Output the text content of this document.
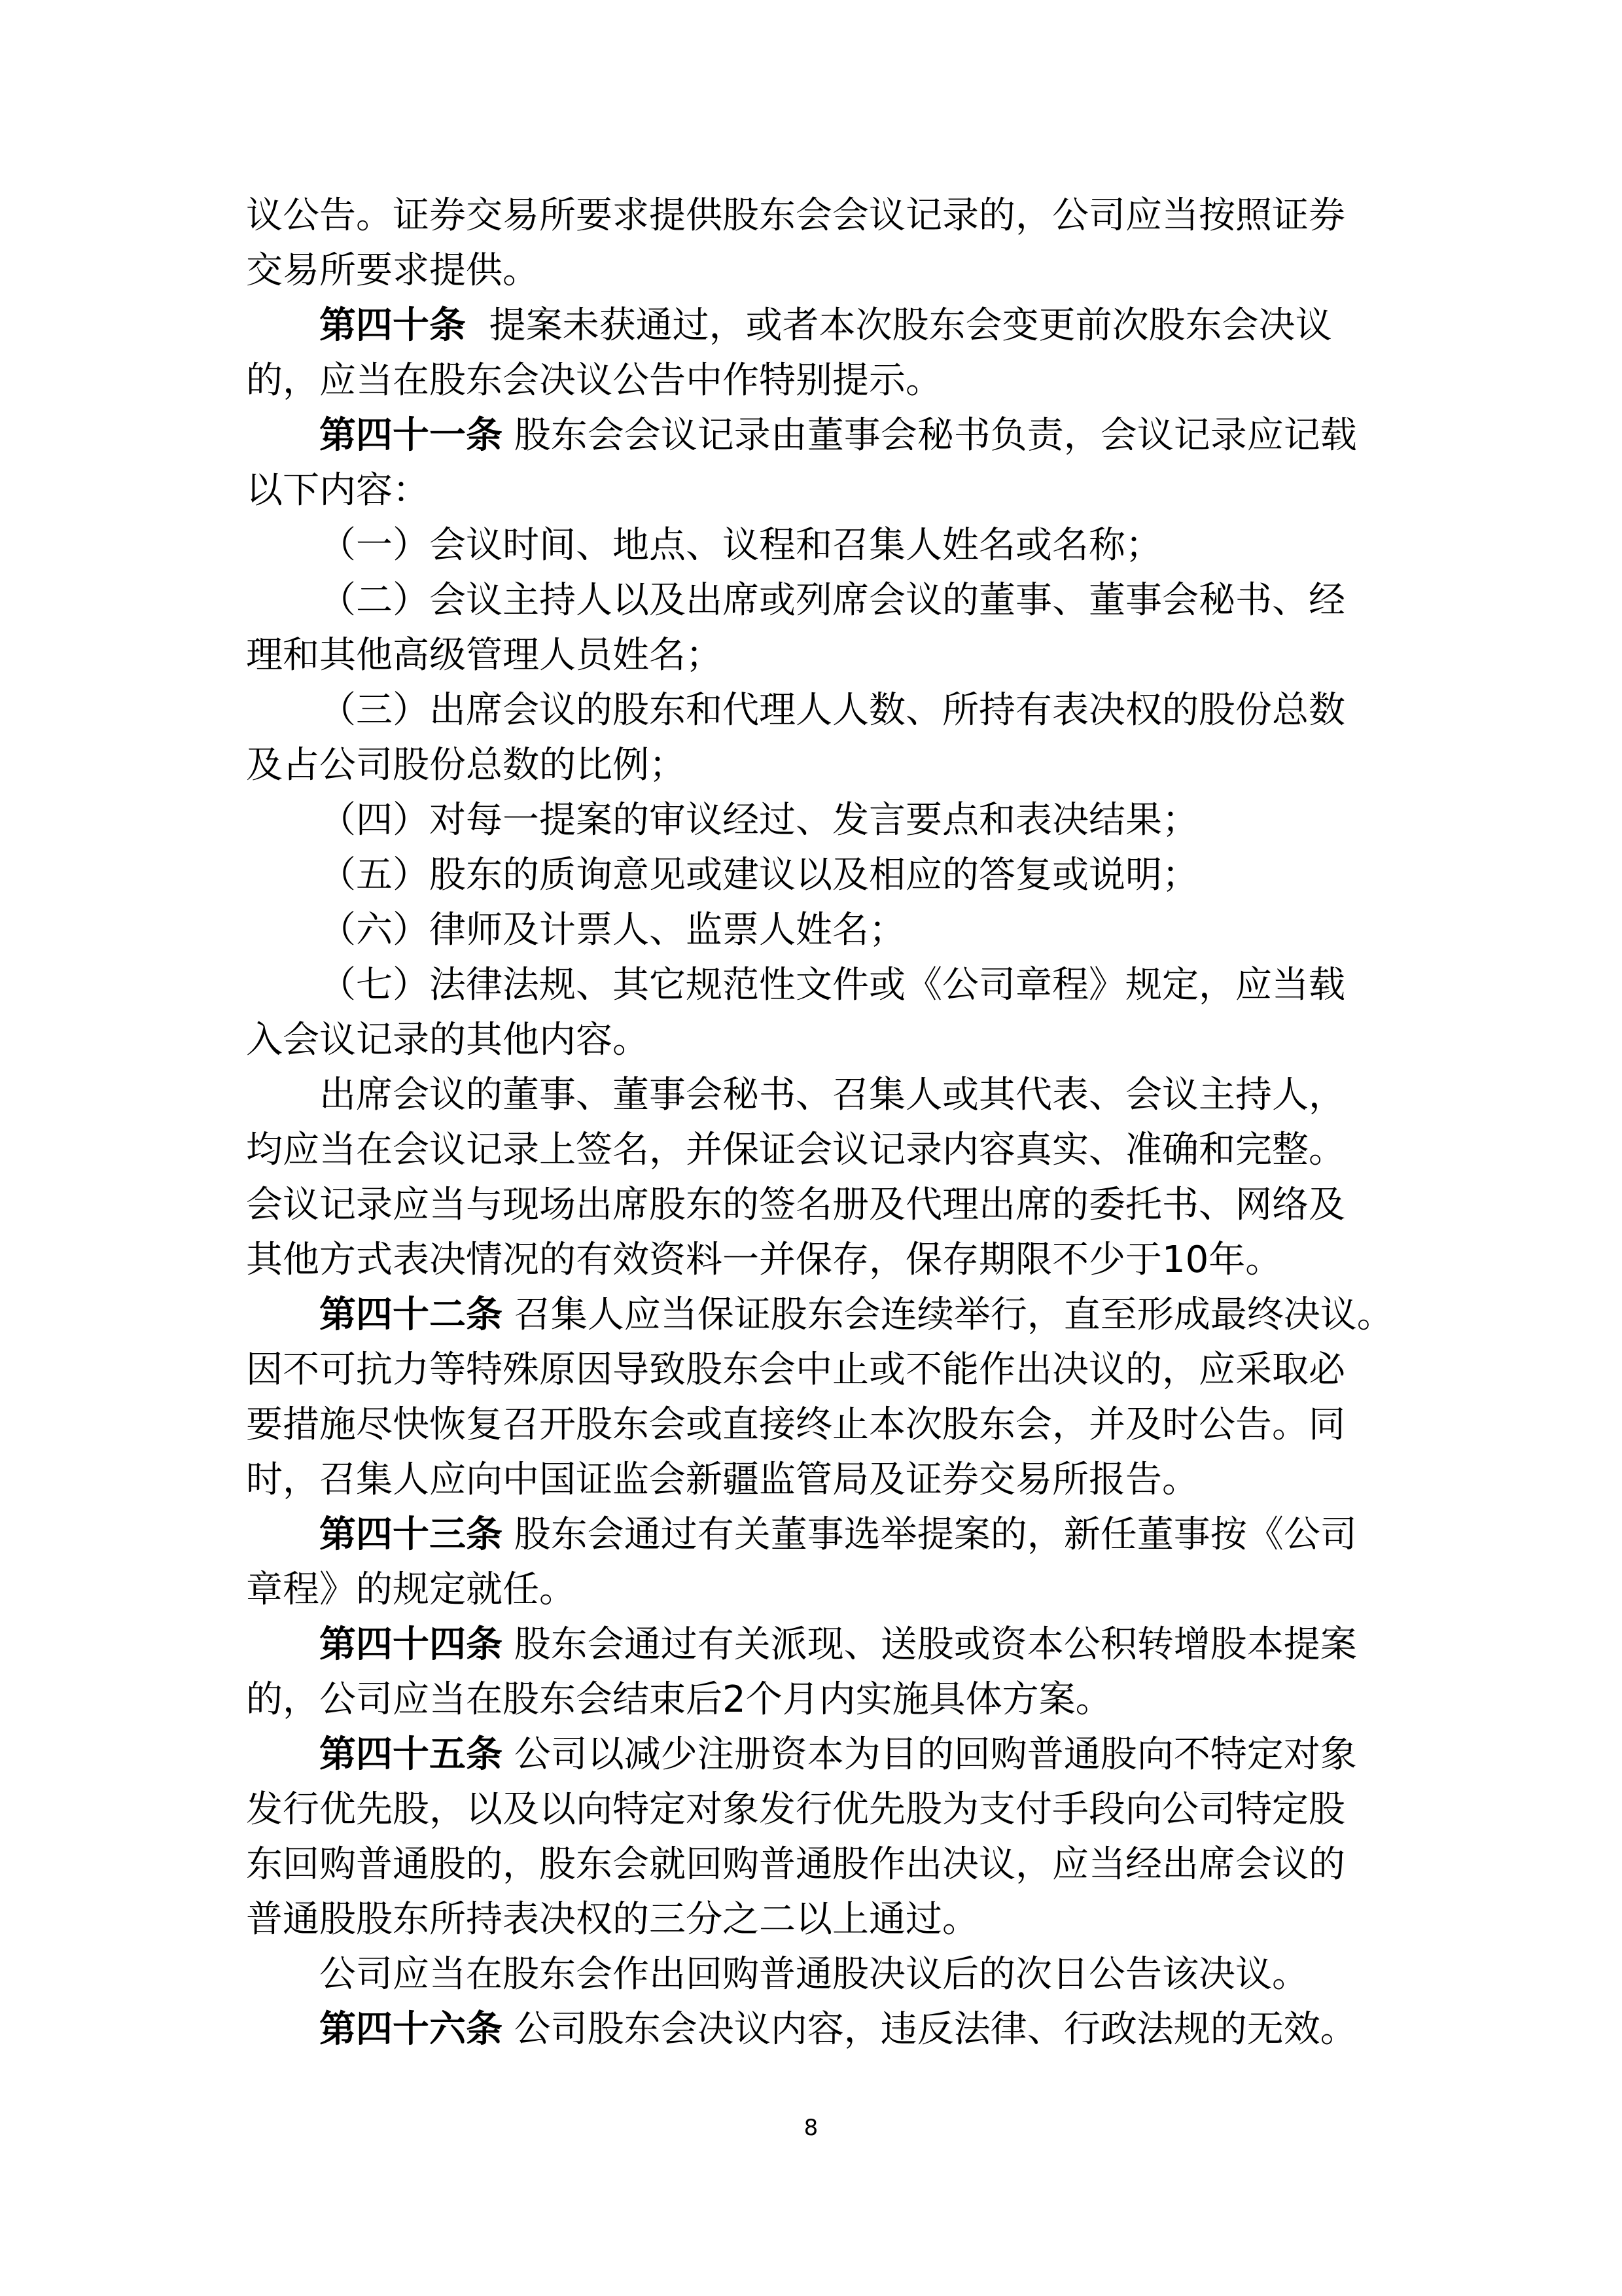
议公告。证券交易所要求提供股东会会议记录的，公司应当按照证券
交易所要求提供。
第四十条  提案未获通过，或者本次股东会变更前次股东会决议
的，应当在股东会决议公告中作特别提示。
第四十一条 股东会会议记录由董事会秘书负责，会议记录应记载
以下内容：
（一）会议时间、地点、议程和召集人姓名或名称；
（二）会议主持人以及出席或列席会议的董事、董事会秘书、经
理和其他高级管理人员姓名；
（三）出席会议的股东和代理人人数、所持有表决权的股份总数
及占公司股份总数的比例；
（四）对每一提案的审议经过、发言要点和表决结果；
（五）股东的质询意见或建议以及相应的答复或说明；
（六）律师及计票人、监票人姓名；
（七）法律法规、其它规范性文件或《公司章程》规定，应当载
入会议记录的其他内容。
出席会议的董事、董事会秘书、召集人或其代表、会议主持人，
均应当在会议记录上签名，并保证会议记录内容真实、准确和完整。
会议记录应当与现场出席股东的签名册及代理出席的委托书、网络及
其他方式表决情况的有效资料一并保存，保存期限不少于10年。
第四十二条 召集人应当保证股东会连续举行，直至形成最终决议。
因不可抗力等特殊原因导致股东会中止或不能作出决议的，应采取必
要措施尽快恢复召开股东会或直接终止本次股东会，并及时公告。同
时，召集人应向中国证监会新疆监管局及证券交易所报告。
第四十三条 股东会通过有关董事选举提案的，新任董事按《公司
章程》的规定就任。
第四十四条 股东会通过有关派现、送股或资本公积转增股本提案
的，公司应当在股东会结束后2个月内实施具体方案。
第四十五条 公司以减少注册资本为目的回购普通股向不特定对象
发行优先股，以及以向特定对象发行优先股为支付手段向公司特定股
东回购普通股的，股东会就回购普通股作出决议，应当经出席会议的
普通股股东所持表决权的三分之二以上通过。
公司应当在股东会作出回购普通股决议后的次日公告该决议。
第四十六条 公司股东会决议内容，违反法律、行政法规的无效。
8
